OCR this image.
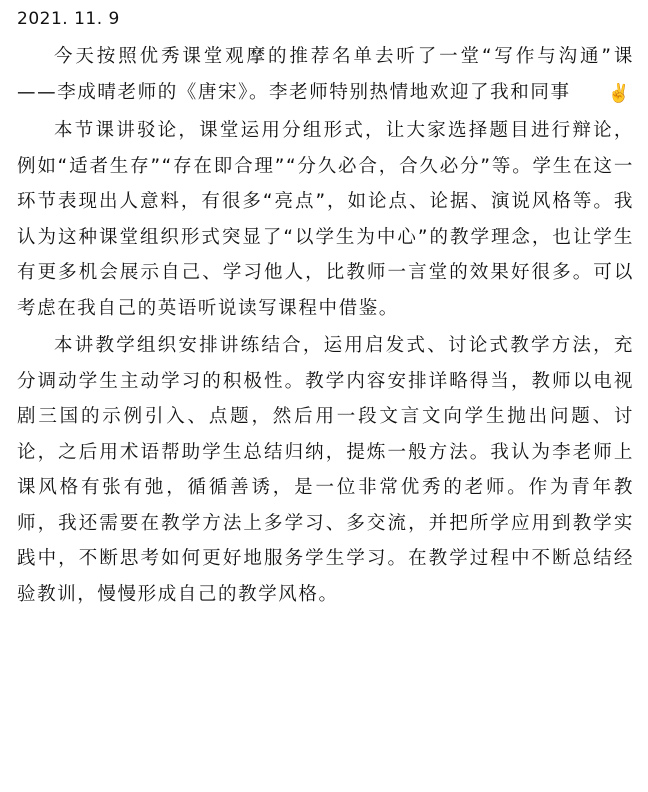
2021. 11. 9

今天按照优秀课堂观摩的推荐名单去听了一堂“写作与沟通”课——李成晴老师的《唐宋》。李老师特别热情地欢迎了我和同事 ✌️

本节课讲驳论，课堂运用分组形式，让大家选择题目进行辩论，例如“适者生存”“存在即合理”“分久必合，合久必分”等。学生在这一环节表现出人意料，有很多“亮点”，如论点、论据、演说风格等。我认为这种课堂组织形式突显了“以学生为中心”的教学理念，也让学生有更多机会展示自己、学习他人，比教师一言堂的效果好很多。可以考虑在我自己的英语听说读写课程中借鉴。

本讲教学组织安排讲练结合，运用启发式、讨论式教学方法，充分调动学生主动学习的积极性。教学内容安排详略得当，教师以电视剧三国的示例引入、点题，然后用一段文言文向学生抛出问题、讨论，之后用术语帮助学生总结归纳，提炼一般方法。我认为李老师上课风格有张有弛，循循善诱，是一位非常优秀的老师。作为青年教师，我还需要在教学方法上多学习、多交流，并把所学应用到教学实践中，不断思考如何更好地服务学生学习。在教学过程中不断总结经验教训，慢慢形成自己的教学风格。
